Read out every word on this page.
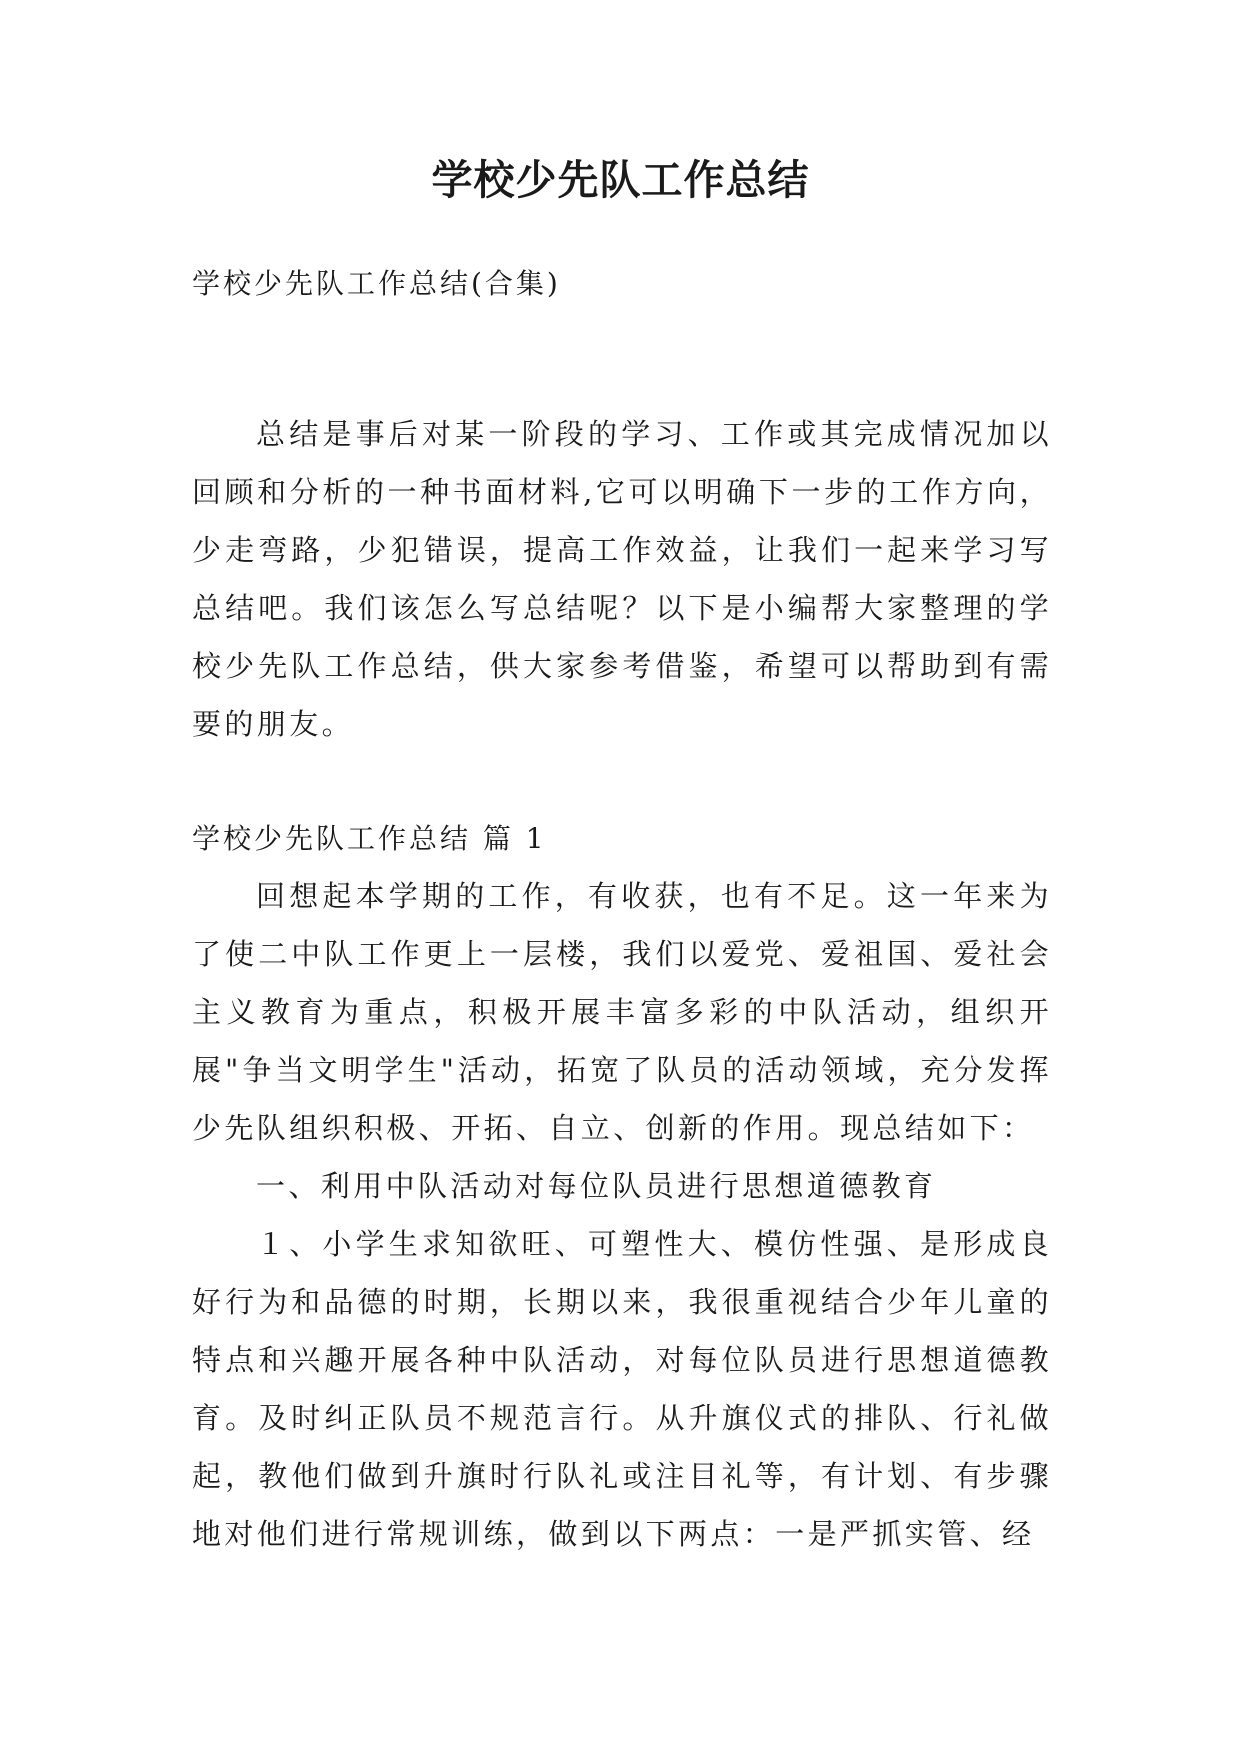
学校少先队工作总结

学校少先队工作总结(合集)

总结是事后对某一阶段的学习、工作或其完成情况加以回顾和分析的一种书面材料,它可以明确下一步的工作方向，少走弯路，少犯错误，提高工作效益，让我们一起来学习写总结吧。我们该怎么写总结呢？以下是小编帮大家整理的学校少先队工作总结，供大家参考借鉴，希望可以帮助到有需要的朋友。

学校少先队工作总结 篇 1

回想起本学期的工作，有收获，也有不足。这一年来为了使二中队工作更上一层楼，我们以爱党、爱祖国、爱社会主义教育为重点，积极开展丰富多彩的中队活动，组织开展"争当文明学生"活动，拓宽了队员的活动领域，充分发挥少先队组织积极、开拓、自立、创新的作用。现总结如下：

一、利用中队活动对每位队员进行思想道德教育

１、小学生求知欲旺、可塑性大、模仿性强、是形成良好行为和品德的时期，长期以来，我很重视结合少年儿童的特点和兴趣开展各种中队活动，对每位队员进行思想道德教育。及时纠正队员不规范言行。从升旗仪式的排队、行礼做起，教他们做到升旗时行队礼或注目礼等，有计划、有步骤地对他们进行常规训练，做到以下两点：一是严抓实管、经
